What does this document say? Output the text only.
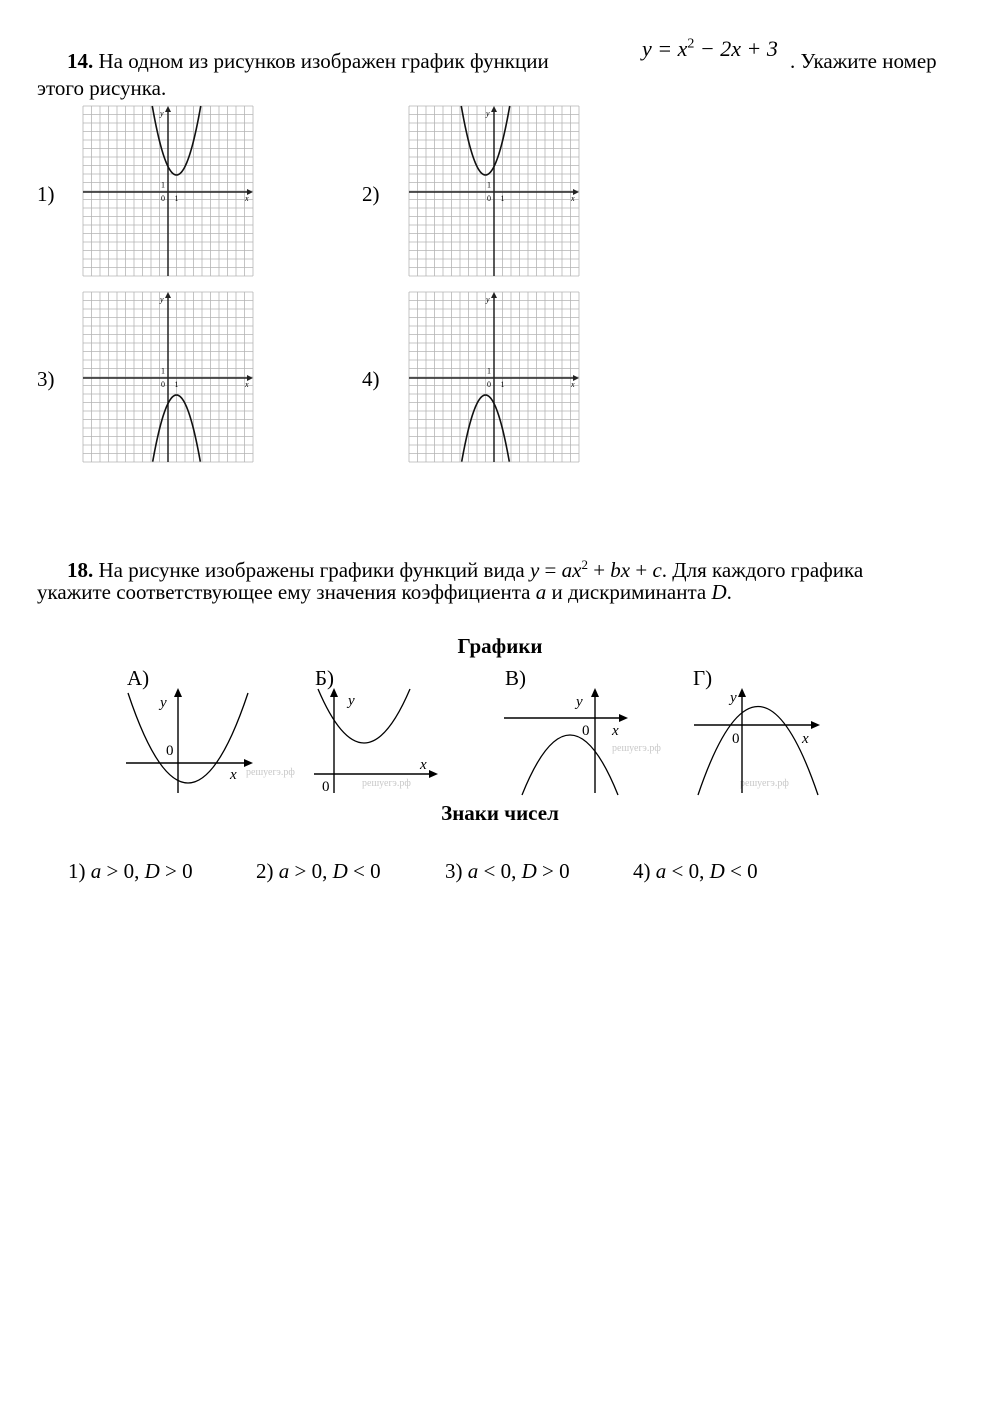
14. На одном из рисунков изображен график функции	$y = x^2 - 2x + 3$ . Укажите номер
этого рисунка.
1)	2)
3)	4)
y
x
0
1
1
y
x
0
1
1
y
x
0
1
1
y
x
0
1
1
18. На рисунке изображены графики функций вида $y = ax^2$ + bx + c. Для каждого графика
укажите соответствующее ему значения коэффициента a и дискриминанта D.
Графики
А)	Б)	В)	Г)
решуегэ.рф
y
x
0
решуегэ.рф
y
x
0
решуегэ.рф
y
x
0
решуегэ.рф
y
x
0
Знаки чисел
1) a > 0, D > 0	2) a > 0, D < 0	3) a < 0, D > 0	4) a < 0, D < 0
